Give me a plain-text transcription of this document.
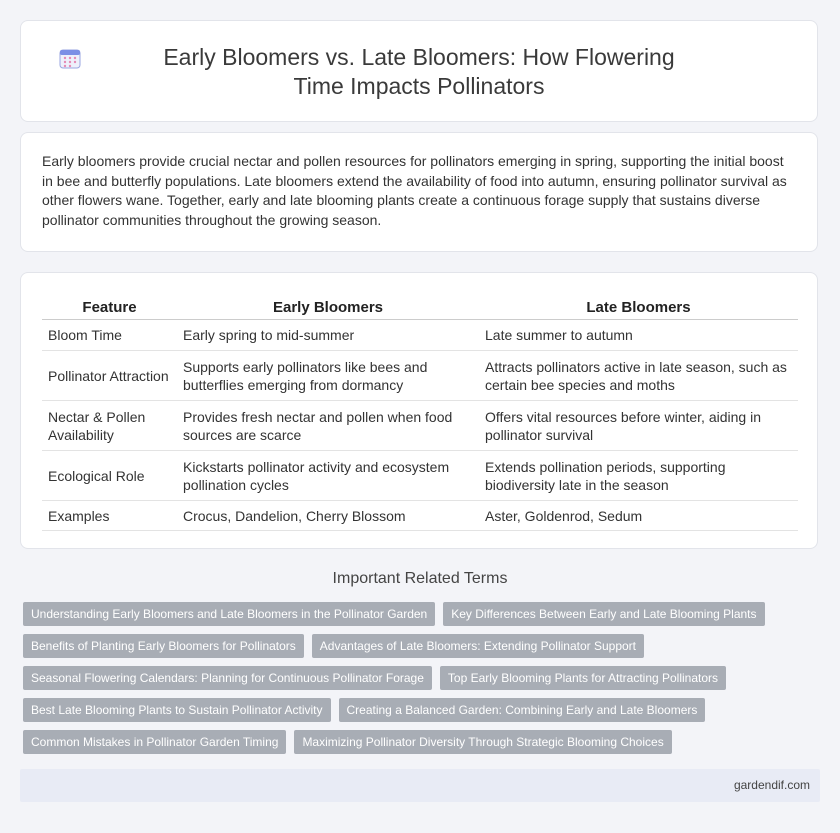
Early Bloomers vs. Late Bloomers: How Flowering Time Impacts Pollinators

Early bloomers provide crucial nectar and pollen resources for pollinators emerging in spring, supporting the initial boost in bee and butterfly populations. Late bloomers extend the availability of food into autumn, ensuring pollinator survival as other flowers wane. Together, early and late blooming plants create a continuous forage supply that sustains diverse pollinator communities throughout the growing season.

Feature	Early Bloomers	Late Bloomers
Bloom Time	Early spring to mid-summer	Late summer to autumn
Pollinator Attraction	Supports early pollinators like bees and butterflies emerging from dormancy	Attracts pollinators active in late season, such as certain bee species and moths
Nectar & Pollen Availability	Provides fresh nectar and pollen when food sources are scarce	Offers vital resources before winter, aiding in pollinator survival
Ecological Role	Kickstarts pollinator activity and ecosystem pollination cycles	Extends pollination periods, supporting biodiversity late in the season
Examples	Crocus, Dandelion, Cherry Blossom	Aster, Goldenrod, Sedum
Important Related Terms
Understanding Early Bloomers and Late Bloomers in the Pollinator Garden	Key Differences Between Early and Late Blooming Plants
Benefits of Planting Early Bloomers for Pollinators	Advantages of Late Bloomers: Extending Pollinator Support
Seasonal Flowering Calendars: Planning for Continuous Pollinator Forage	Top Early Blooming Plants for Attracting Pollinators
Best Late Blooming Plants to Sustain Pollinator Activity	Creating a Balanced Garden: Combining Early and Late Bloomers
Common Mistakes in Pollinator Garden Timing	Maximizing Pollinator Diversity Through Strategic Blooming Choices
gardendif.com
